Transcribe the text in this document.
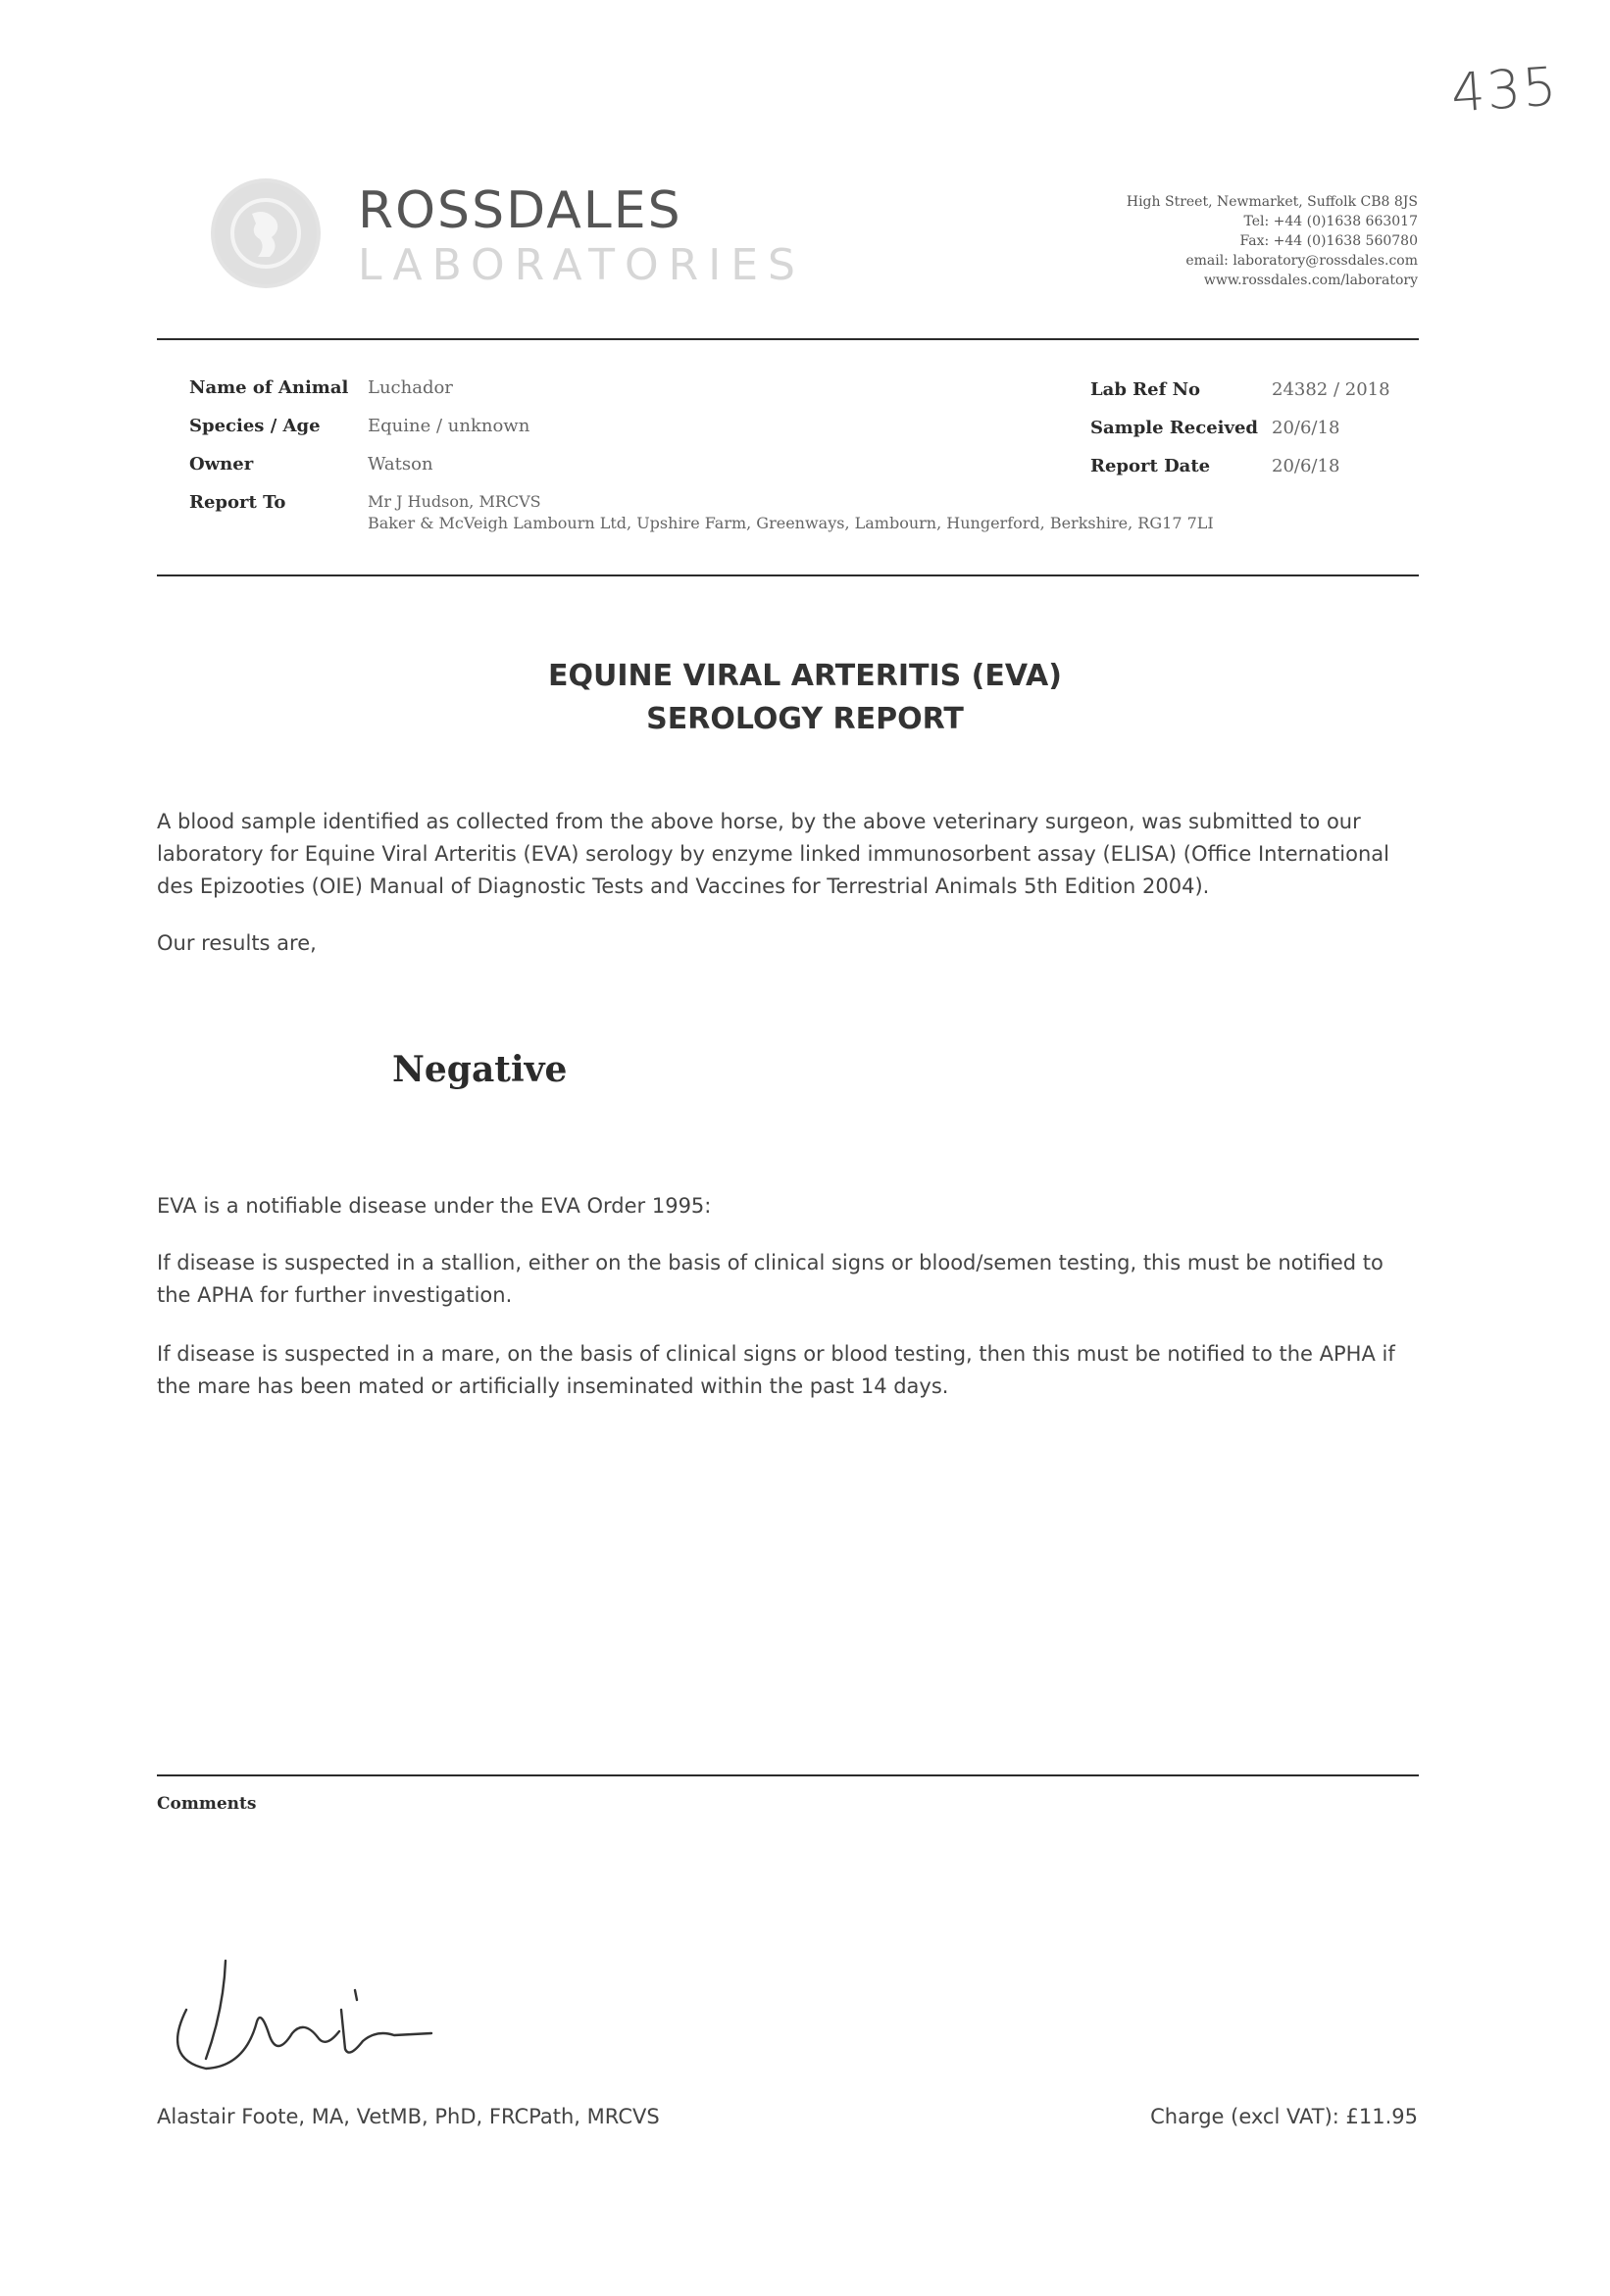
435
ROSSDALES
LABORATORIES
High Street, Newmarket, Suffolk CB8 8JS
Tel: +44 (0)1638 663017
Fax: +44 (0)1638 560780
email: laboratory@rossdales.com
www.rossdales.com/laboratory
Name of Animal Luchador
Species / Age	Equine / unknown
Owner	Watson
Report To	Mr J Hudson, MRCVS
Baker & McVeigh Lambourn Ltd, Upshire Farm, Greenways, Lambourn, Hungerford, Berkshire, RG17 7LI
Lab Ref No	24382 / 2018
Sample Received 20/6/18
Report Date	20/6/18
EQUINE VIRAL ARTERITIS (EVA)
SEROLOGY REPORT
A blood sample identified as collected from the above horse, by the above veterinary surgeon, was submitted to our laboratory for Equine Viral Arteritis (EVA) serology by enzyme linked immunosorbent assay (ELISA) (Office International des Epizooties (OIE) Manual of Diagnostic Tests and Vaccines for Terrestrial Animals 5th Edition 2004).
Our results are,
Negative
EVA is a notifiable disease under the EVA Order 1995:
If disease is suspected in a stallion, either on the basis of clinical signs or blood/semen testing, this must be notified to the APHA for further investigation.
If disease is suspected in a mare, on the basis of clinical signs or blood testing, then this must be notified to the APHA if the mare has been mated or artificially inseminated within the past 14 days.
Comments
Alastair Foote, MA, VetMB, PhD, FRCPath, MRCVS	Charge (excl VAT): £11.95
